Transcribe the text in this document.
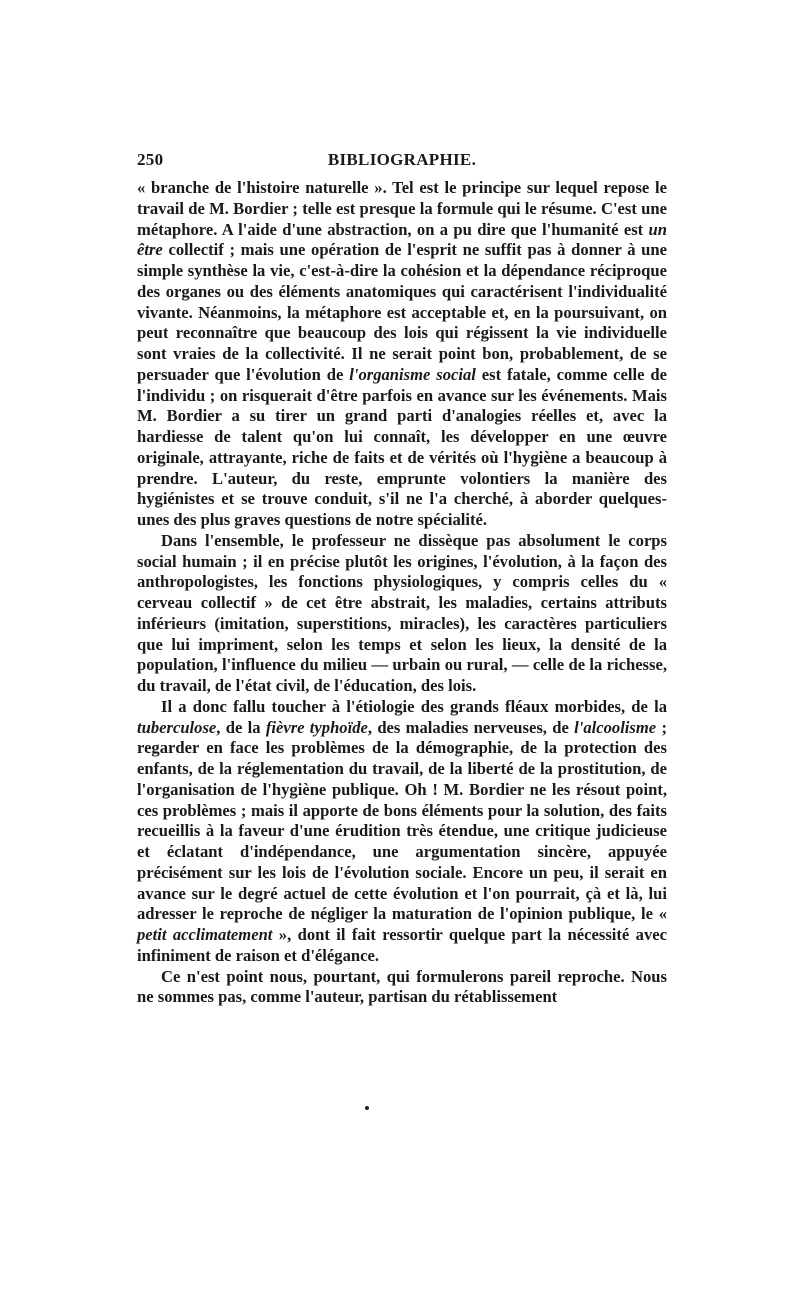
250	BIBLIOGRAPHIE.

« branche de l'histoire naturelle ». Tel est le principe sur lequel repose le travail de M. Bordier ; telle est presque la formule qui le résume. C'est une métaphore. A l'aide d'une abstraction, on a pu dire que l'humanité est un être collectif ; mais une opération de l'esprit ne suffit pas à donner à une simple synthèse la vie, c'est-à-dire la cohésion et la dépendance réciproque des organes ou des éléments anatomiques qui caractérisent l'individualité vivante. Néanmoins, la métaphore est acceptable et, en la poursuivant, on peut reconnaître que beaucoup des lois qui régissent la vie individuelle sont vraies de la collectivité. Il ne serait point bon, probablement, de se persuader que l'évolution de l'organisme social est fatale, comme celle de l'individu ; on risquerait d'être parfois en avance sur les événements. Mais M. Bordier a su tirer un grand parti d'analogies réelles et, avec la hardiesse de talent qu'on lui connaît, les développer en une œuvre originale, attrayante, riche de faits et de vérités où l'hygiène a beaucoup à prendre. L'auteur, du reste, emprunte volontiers la manière des hygiénistes et se trouve conduit, s'il ne l'a cherché, à aborder quelques-unes des plus graves questions de notre spécialité.

Dans l'ensemble, le professeur ne dissèque pas absolument le corps social humain ; il en précise plutôt les origines, l'évolution, à la façon des anthropologistes, les fonctions physiologiques, y compris celles du « cerveau collectif » de cet être abstrait, les maladies, certains attributs inférieurs (imitation, superstitions, miracles), les caractères particuliers que lui impriment, selon les temps et selon les lieux, la densité de la population, l'influence du milieu — urbain ou rural, — celle de la richesse, du travail, de l'état civil, de l'éducation, des lois.

Il a donc fallu toucher à l'étiologie des grands fléaux morbides, de la tuberculose, de la fièvre typhoïde, des maladies nerveuses, de l'alcoolisme ; regarder en face les problèmes de la démographie, de la protection des enfants, de la réglementation du travail, de la liberté de la prostitution, de l'organisation de l'hygiène publique. Oh ! M. Bordier ne les résout point, ces problèmes ; mais il apporte de bons éléments pour la solution, des faits recueillis à la faveur d'une érudition très étendue, une critique judicieuse et éclatant d'indépendance, une argumentation sincère, appuyée précisément sur les lois de l'évolution sociale. Encore un peu, il serait en avance sur le degré actuel de cette évolution et l'on pourrait, çà et là, lui adresser le reproche de négliger la maturation de l'opinion publique, le « petit acclimatement », dont il fait ressortir quelque part la nécessité avec infiniment de raison et d'élégance.

Ce n'est point nous, pourtant, qui formulerons pareil reproche. Nous ne sommes pas, comme l'auteur, partisan du rétablissement
